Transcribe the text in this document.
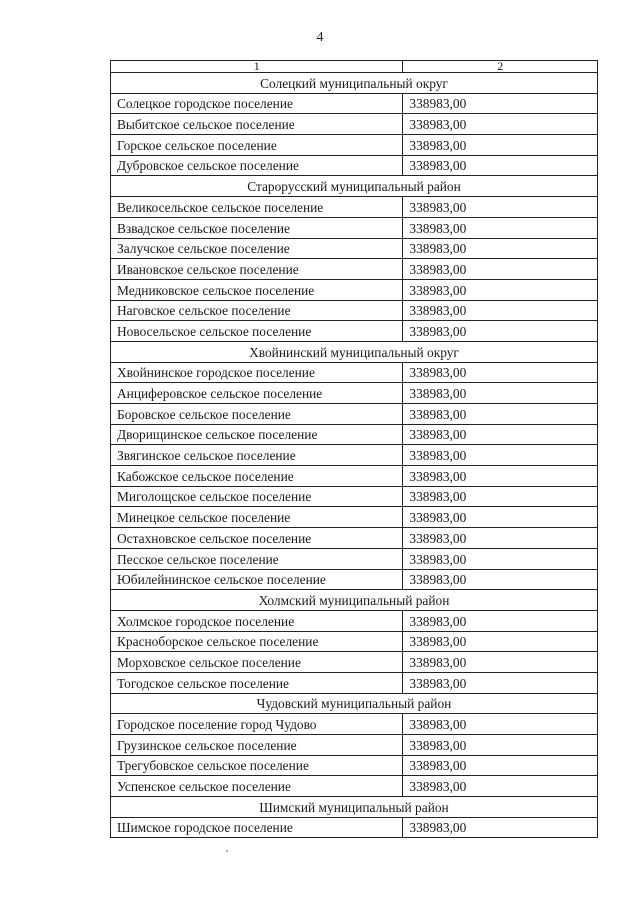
4
1	2
Солецкий муниципальный округ	
Солецкое городское поселение	338983,00
Выбитское сельское поселение	338983,00
Горское сельское поселение	338983,00
Дубровское сельское поселение	338983,00
Старорусский муниципальный район	
Великосельское сельское поселение	338983,00
Взвадское сельское поселение	338983,00
Залучское сельское поселение	338983,00
Ивановское сельское поселение	338983,00
Медниковское сельское поселение	338983,00
Наговское сельское поселение	338983,00
Новосельское сельское поселение	338983,00
Хвойнинский муниципальный округ	
Хвойнинское городское поселение	338983,00
Анциферовское сельское поселение	338983,00
Боровское сельское поселение	338983,00
Дворищинское сельское поселение	338983,00
Звягинское сельское поселение	338983,00
Кабожское сельское поселение	338983,00
Миголощское сельское поселение	338983,00
Минецкое сельское поселение	338983,00
Остахновское сельское поселение	338983,00
Песское сельское поселение	338983,00
Юбилейнинское сельское поселение	338983,00
Холмский муниципальный район	
Холмское городское поселение	338983,00
Красноборское сельское поселение	338983,00
Морховское сельское поселение	338983,00
Тогодское сельское поселение	338983,00
Чудовский муниципальный район	
Городское поселение город Чудово	338983,00
Грузинское сельское поселение	338983,00
Трегубовское сельское поселение	338983,00
Успенское сельское поселение	338983,00
Шимский муниципальный район	
Шимское городское поселение	338983,00
